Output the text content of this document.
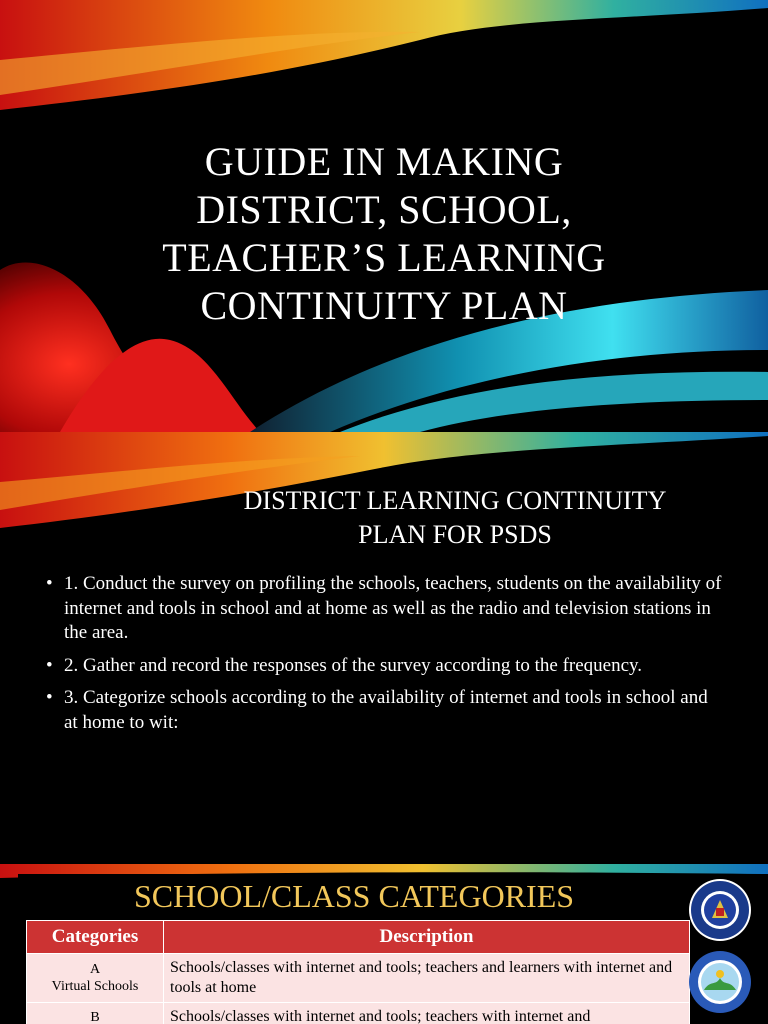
GUIDE IN MAKING
DISTRICT, SCHOOL,
TEACHER’S LEARNING
CONTINUITY PLAN
DISTRICT LEARNING CONTINUITY
PLAN FOR PSDS
• 1. Conduct the survey on profiling the schools, teachers, students on the availability of internet and tools in school and at home as well as the radio and television stations in the area.
• 2. Gather and record the responses of the survey according to the frequency.
• 3. Categorize schools according to the availability of internet and tools in school and at home to wit:
SCHOOL/CLASS CATEGORIES
Categories	Description

A
Virtual Schools	Schools/classes with internet and tools; teachers and learners with internet and tools at home

B	Schools/classes with internet and tools; teachers with internet and
